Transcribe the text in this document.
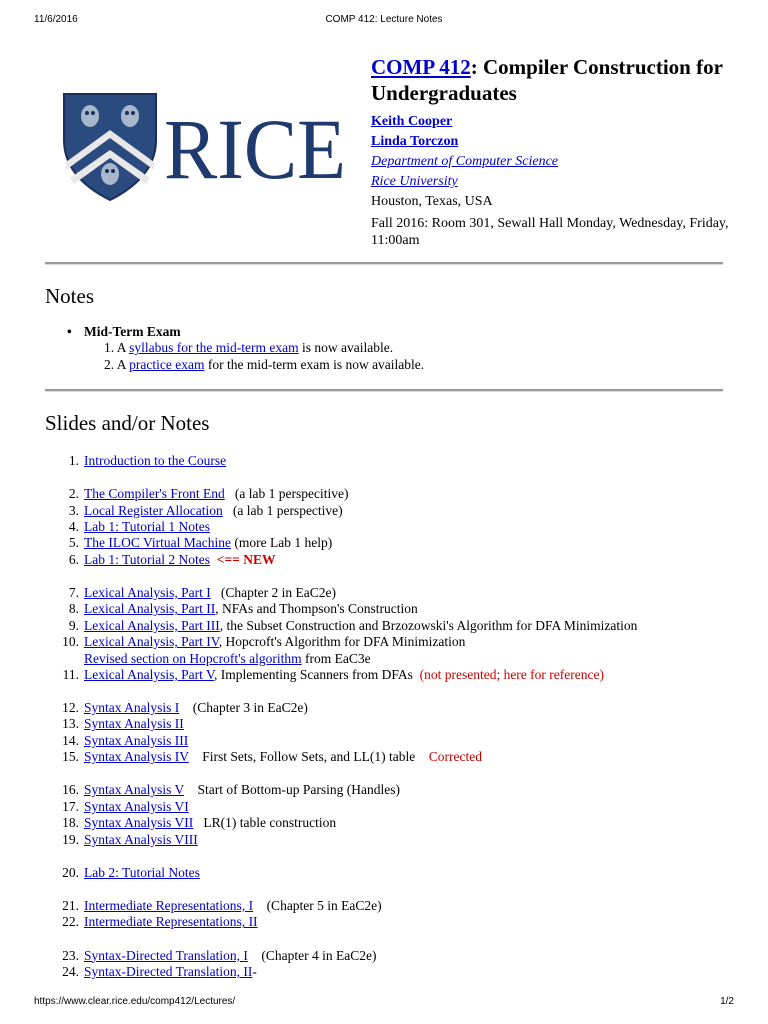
11/6/2016	COMP 412: Lecture Notes
RICE
COMP 412: Compiler Construction for Undergraduates
Keith Cooper
Linda Torczon
Department of Computer Science
Rice University
Houston, Texas, USA
Fall 2016: Room 301, Sewall Hall Monday, Wednesday, Friday, 11:00am
Notes
• Mid-Term Exam
1. A syllabus for the mid-term exam is now available.
2. A practice exam for the mid-term exam is now available.
Slides and/or Notes
1. Introduction to the Course
2. The Compiler's Front End   (a lab 1 perspecitive)
3. Local Register Allocation   (a lab 1 perspective)
4. Lab 1: Tutorial 1 Notes
5. The ILOC Virtual Machine (more Lab 1 help)
6. Lab 1: Tutorial 2 Notes  <== NEW
7. Lexical Analysis, Part I   (Chapter 2 in EaC2e)
8. Lexical Analysis, Part II, NFAs and Thompson's Construction
9. Lexical Analysis, Part III, the Subset Construction and Brzozowski's Algorithm for DFA Minimization
10. Lexical Analysis, Part IV, Hopcroft's Algorithm for DFA Minimization
Revised section on Hopcroft's algorithm from EaC3e
11. Lexical Analysis, Part V, Implementing Scanners from DFAs  (not presented; here for reference)
12. Syntax Analysis I    (Chapter 3 in EaC2e)
13. Syntax Analysis II
14. Syntax Analysis III
15. Syntax Analysis IV    First Sets, Follow Sets, and LL(1) table    Corrected
16. Syntax Analysis V    Start of Bottom-up Parsing (Handles)
17. Syntax Analysis VI
18. Syntax Analysis VII   LR(1) table construction
19. Syntax Analysis VIII
20. Lab 2: Tutorial Notes
21. Intermediate Representations, I    (Chapter 5 in EaC2e)
22. Intermediate Representations, II
23. Syntax-Directed Translation, I    (Chapter 4 in EaC2e)
24. Syntax-Directed Translation, II-
https://www.clear.rice.edu/comp412/Lectures/	1/2
